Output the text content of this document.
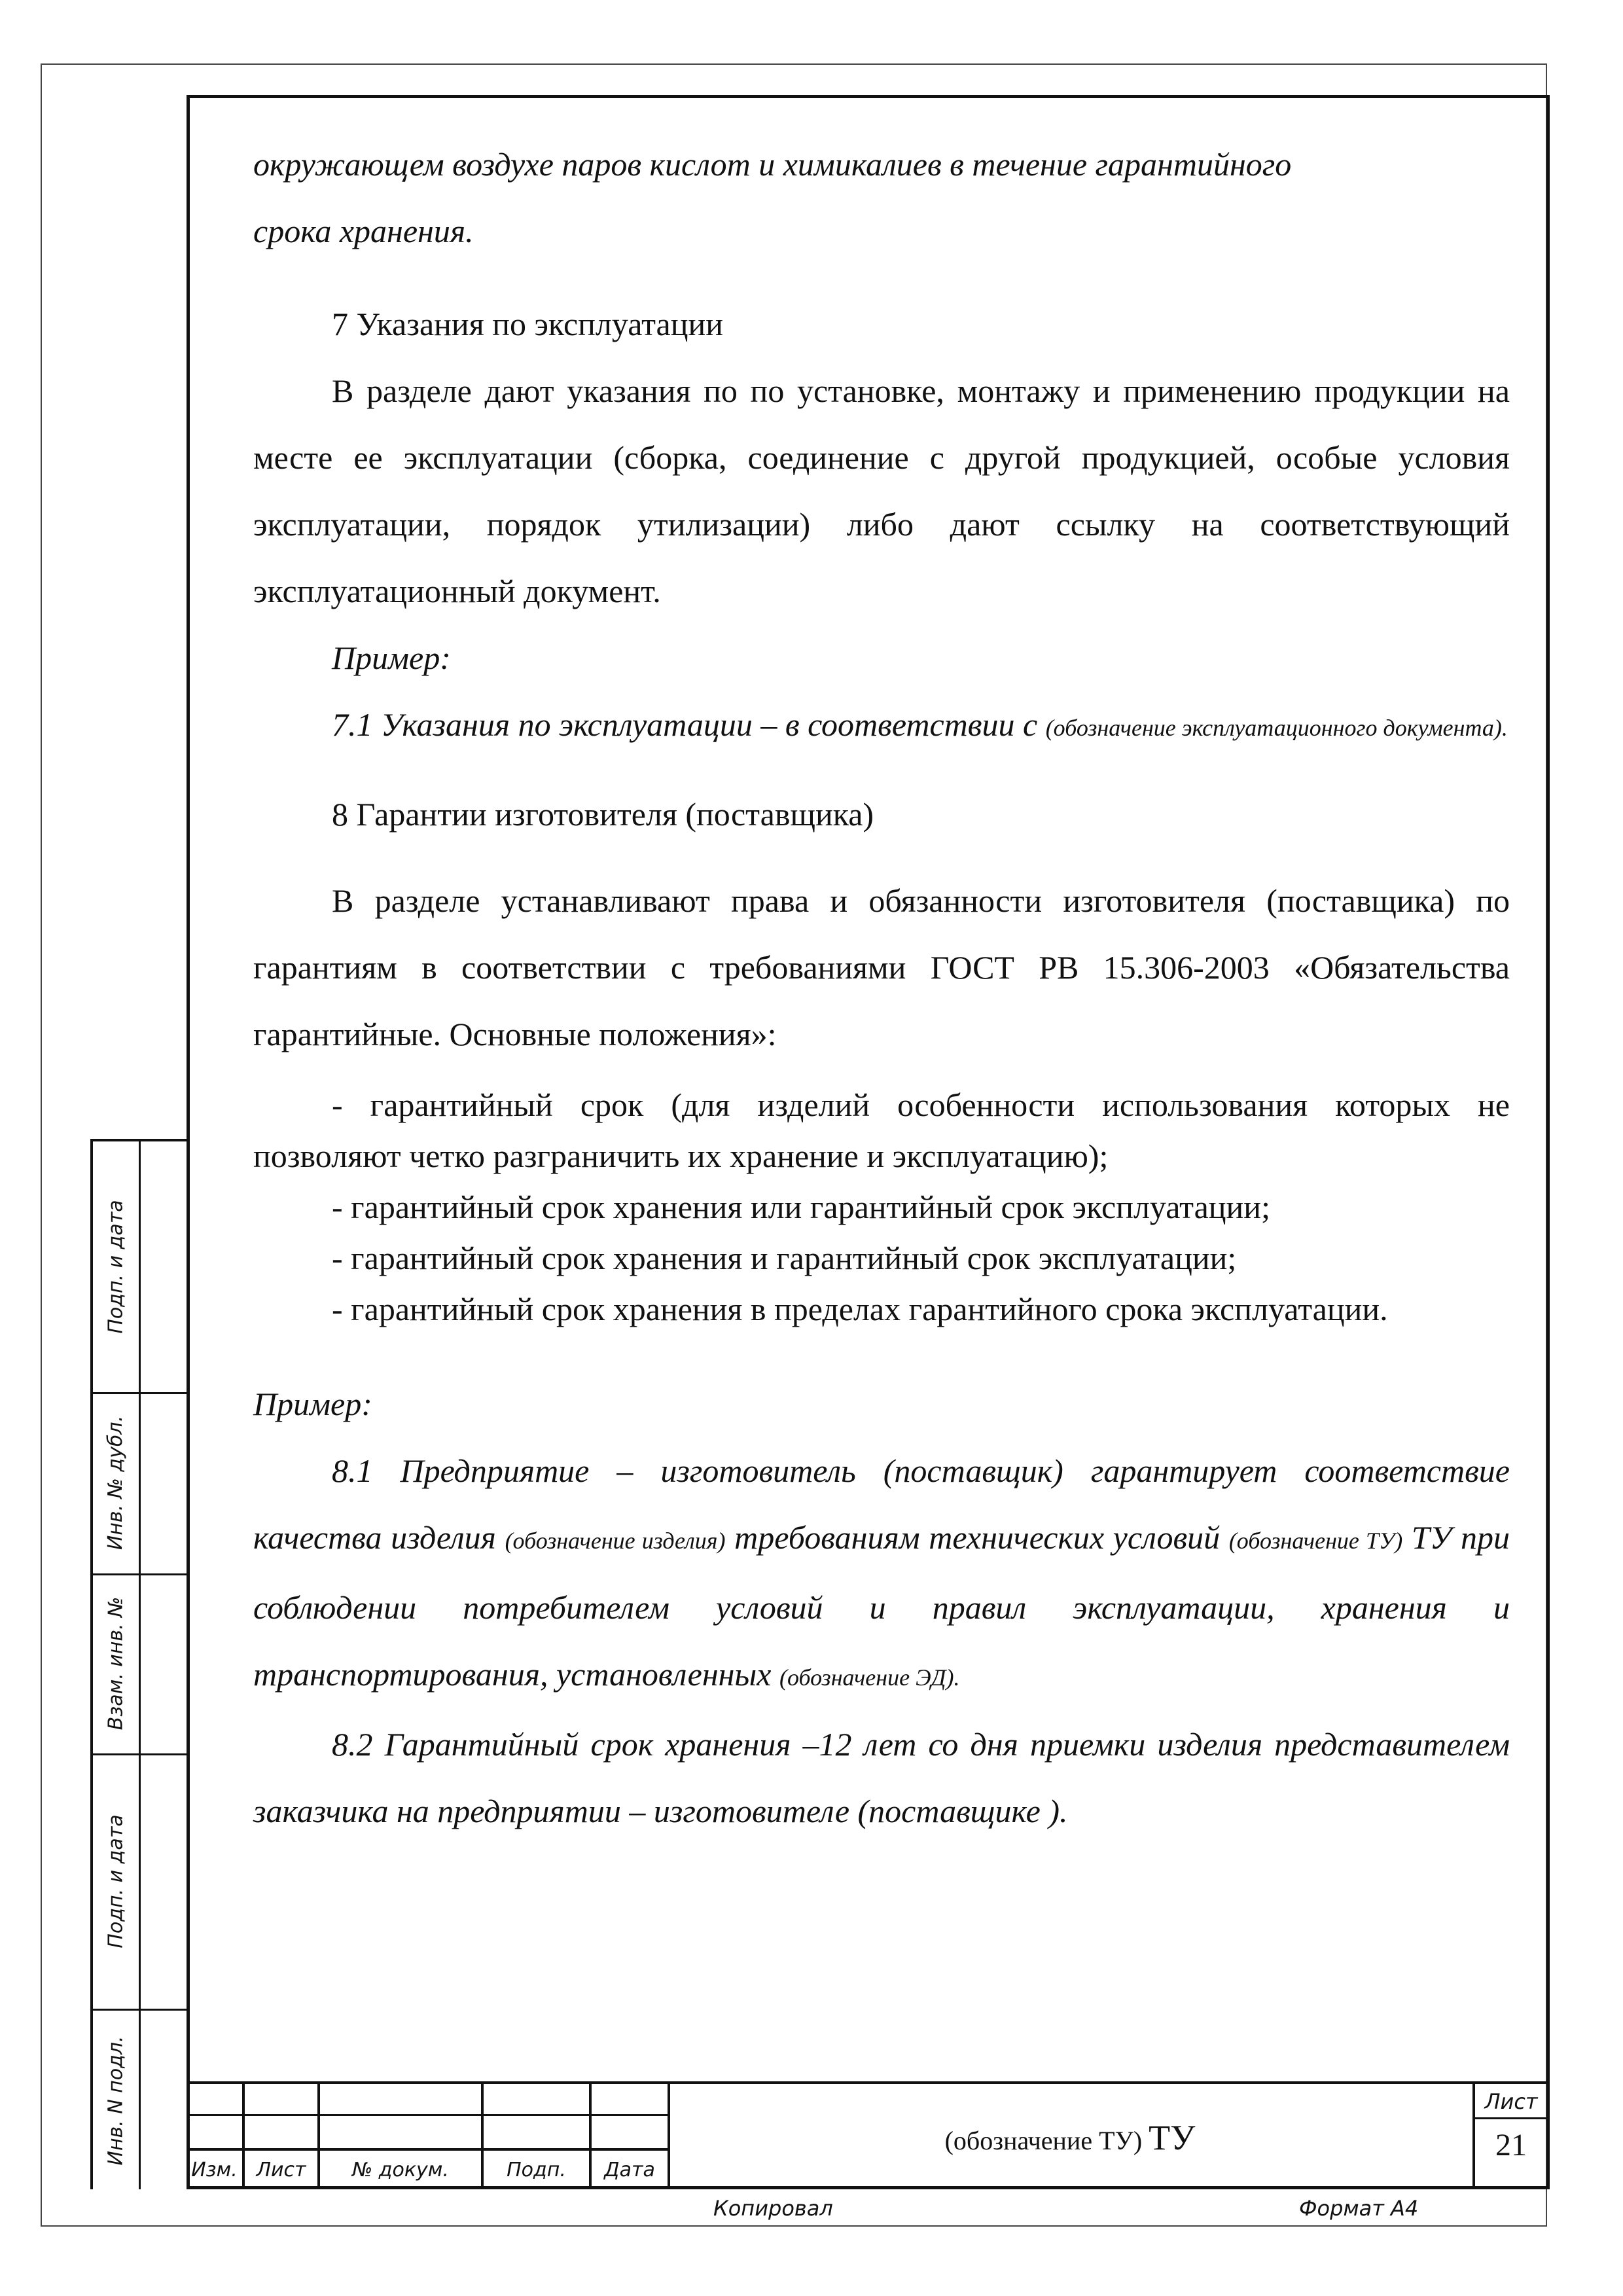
окружающем воздухе паров кислот и химикалиев в течение гарантийного
срока хранения.

7 Указания по эксплуатации

В разделе дают указания по по установке, монтажу и применению продукции на месте ее эксплуатации (сборка, соединение с другой продукцией, особые условия эксплуатации, порядок утилизации) либо дают ссылку на соответствующий эксплуатационный документ.

Пример:

7.1 Указания по эксплуатации – в соответствии с (обозначение эксплуатационного документа).

8 Гарантии изготовителя (поставщика)

В разделе устанавливают права и обязанности изготовителя (поставщика) по гарантиям в соответствии с требованиями ГОСТ РВ 15.306-2003 «Обязательства гарантийные. Основные положения»:

- гарантийный срок (для изделий особенности использования которых не позволяют четко разграничить их хранение и эксплуатацию);

- гарантийный срок хранения или гарантийный срок эксплуатации;

- гарантийный срок хранения и гарантийный срок эксплуатации;

- гарантийный срок хранения в пределах гарантийного срока эксплуатации.

Пример:

8.1 Предприятие – изготовитель (поставщик) гарантирует соответствие качества изделия (обозначение изделия) требованиям технических условий (обозначение ТУ) ТУ при соблюдении потребителем условий и правил эксплуатации, хранения и транспортирования, установленных (обозначение ЭД).

8.2 Гарантийный срок хранения –12 лет со дня приемки изделия представителем заказчика на предприятии – изготовителе (поставщике ).

Подп. и дата
Инв. № дубл.
Взам. инв. №
Подп. и дата
Инв. N подл.
Изм. Лист	№ докум.	Подп.	Дата
(обозначение ТУ) ТУ
Лист
21
Копировал	Формат А4
